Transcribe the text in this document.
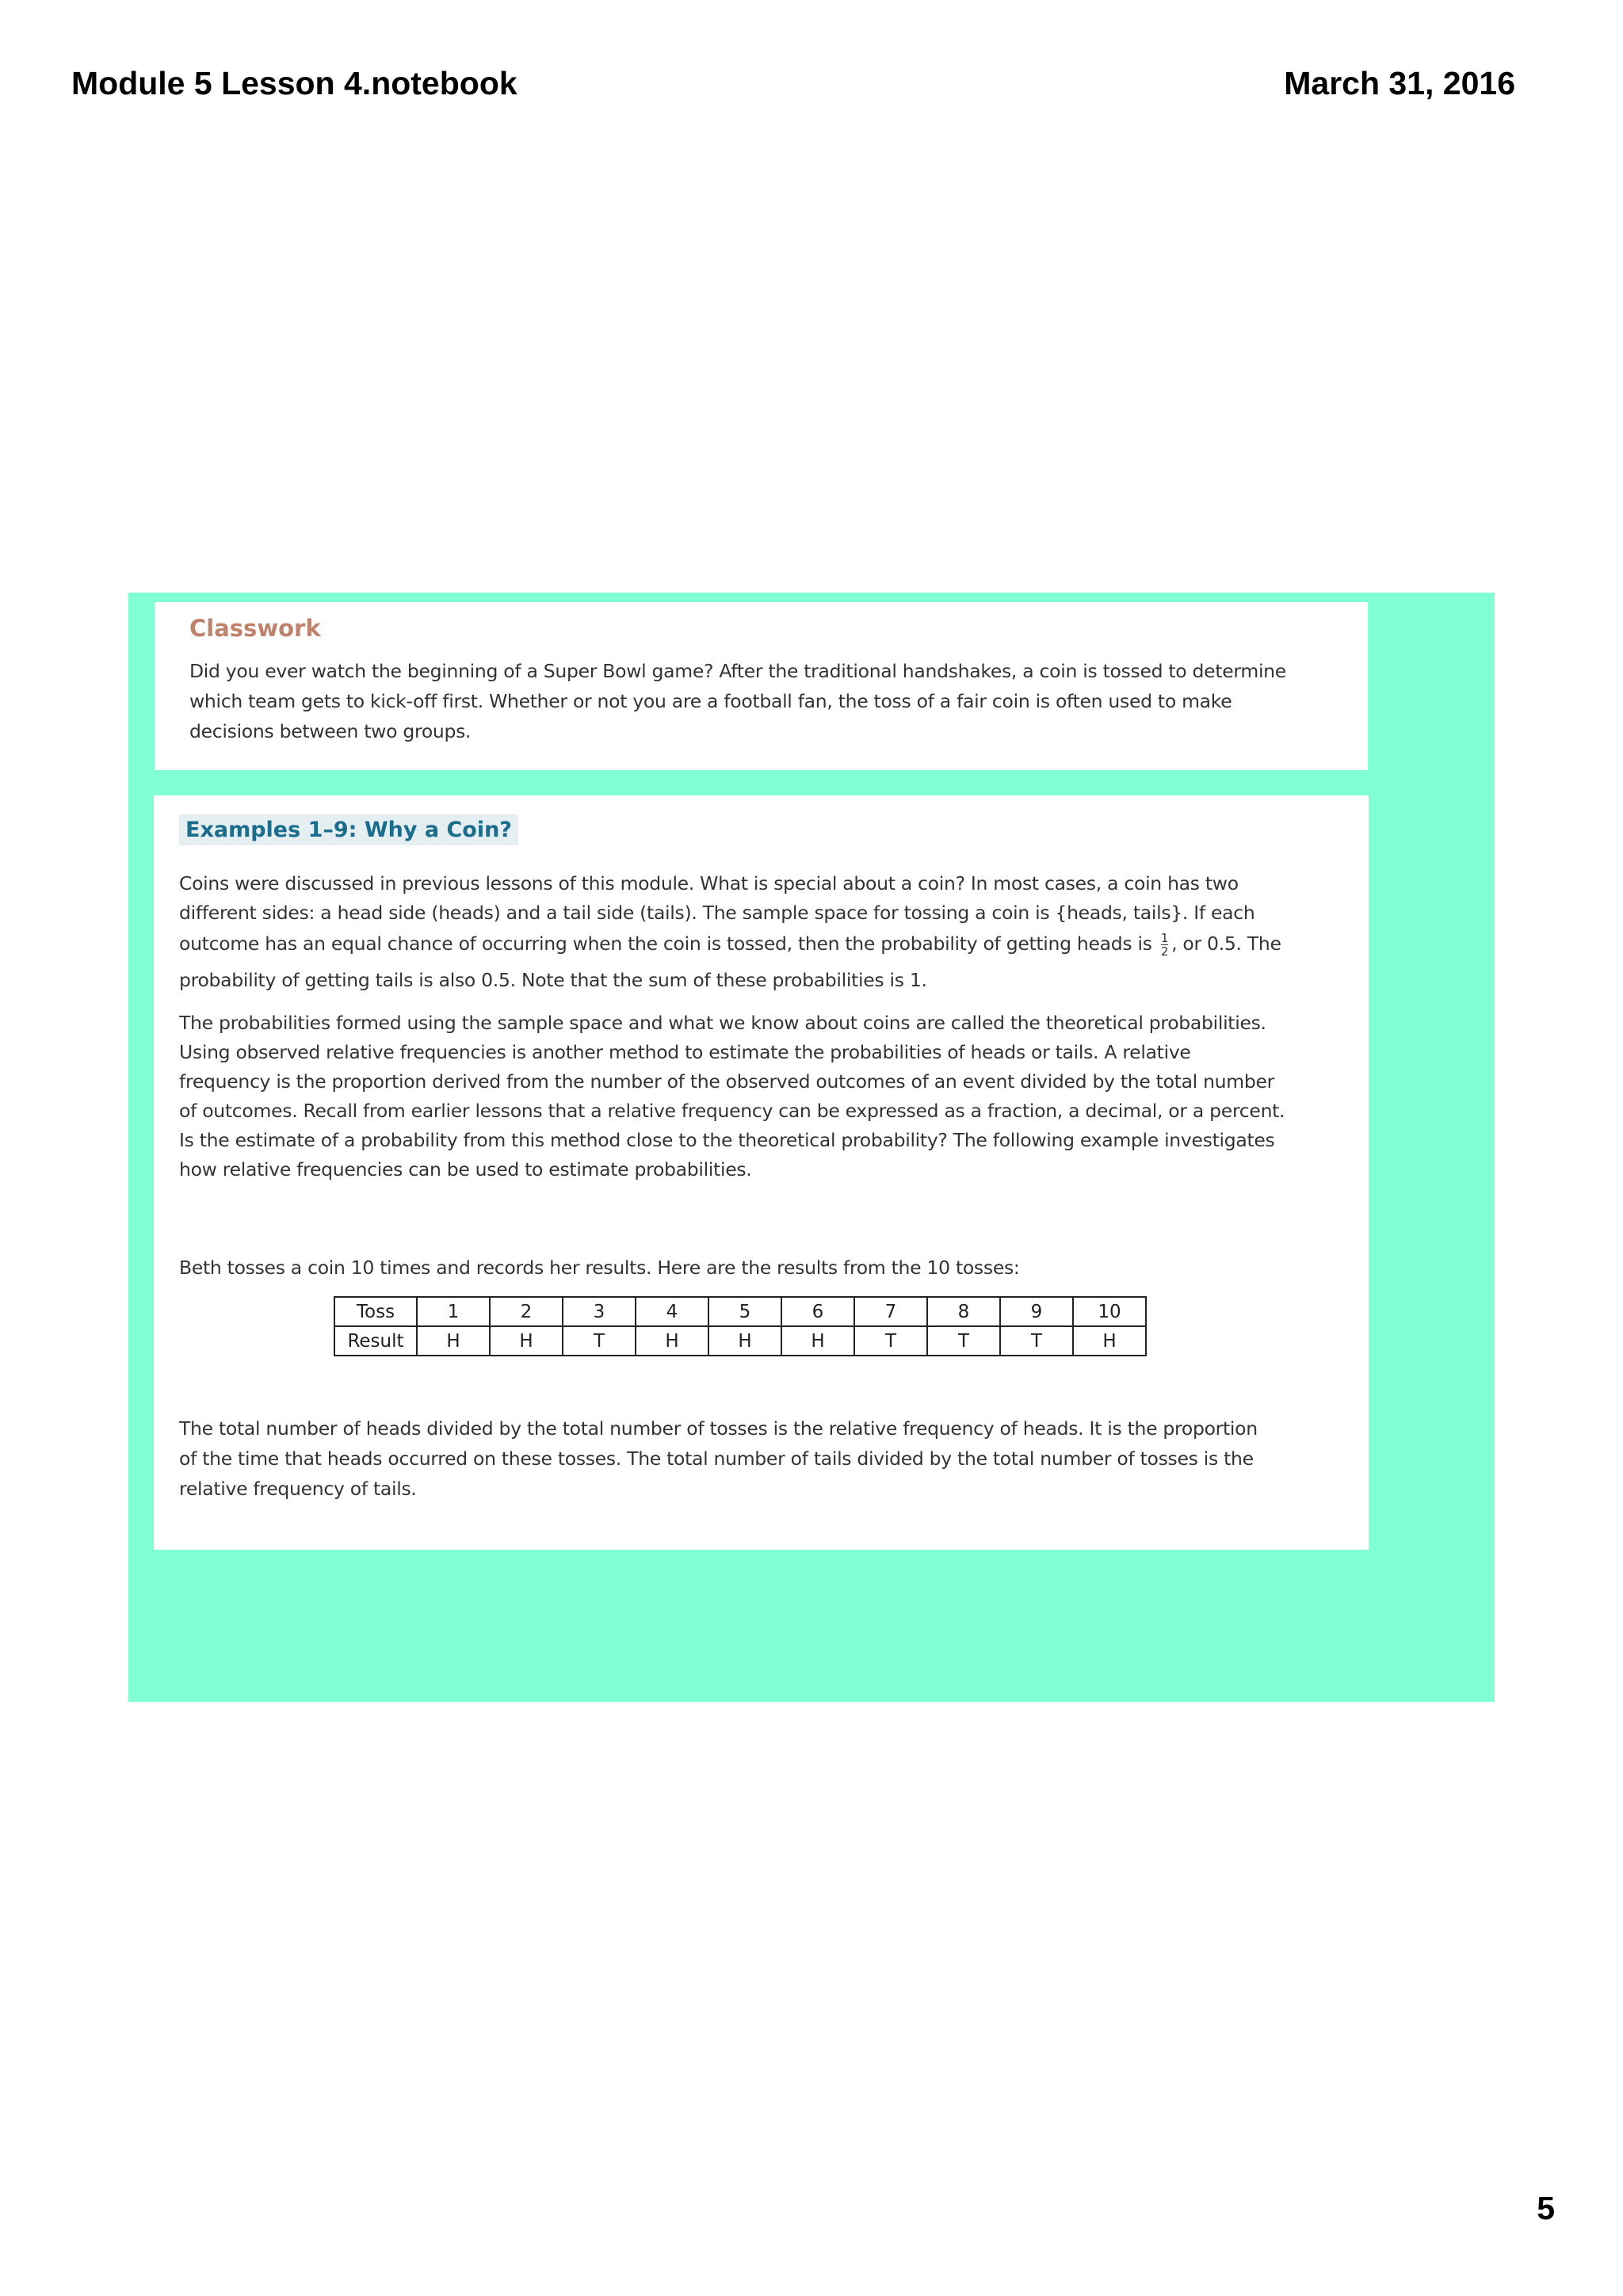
Module 5 Lesson 4.notebook	March 31, 2016
Classwork
Did you ever watch the beginning of a Super Bowl game? After the traditional handshakes, a coin is tossed to determine
which team gets to kick-off first. Whether or not you are a football fan, the toss of a fair coin is often used to make
decisions between two groups.
Examples 1–9: Why a Coin?
Coins were discussed in previous lessons of this module. What is special about a coin? In most cases, a coin has two
different sides: a head side (heads) and a tail side (tails). The sample space for tossing a coin is {heads, tails}. If each
outcome has an equal chance of occurring when the coin is tossed, then the probability of getting heads is $\frac{1}{2}$ , or 0.5. The
probability of getting tails is also 0.5. Note that the sum of these probabilities is 1.
The probabilities formed using the sample space and what we know about coins are called the theoretical probabilities.
Using observed relative frequencies is another method to estimate the probabilities of heads or tails. A relative
frequency is the proportion derived from the number of the observed outcomes of an event divided by the total number
of outcomes. Recall from earlier lessons that a relative frequency can be expressed as a fraction, a decimal, or a percent.
Is the estimate of a probability from this method close to the theoretical probability? The following example investigates
how relative frequencies can be used to estimate probabilities.
Beth tosses a coin 10 times and records her results. Here are the results from the 10 tosses:
Toss	1	2	3	4	5	6	7	8	9	10
Result	H	H	T	H	H	H	T	T	T	H
The total number of heads divided by the total number of tosses is the relative frequency of heads. It is the proportion
of the time that heads occurred on these tosses. The total number of tails divided by the total number of tosses is the
relative frequency of tails.
5
